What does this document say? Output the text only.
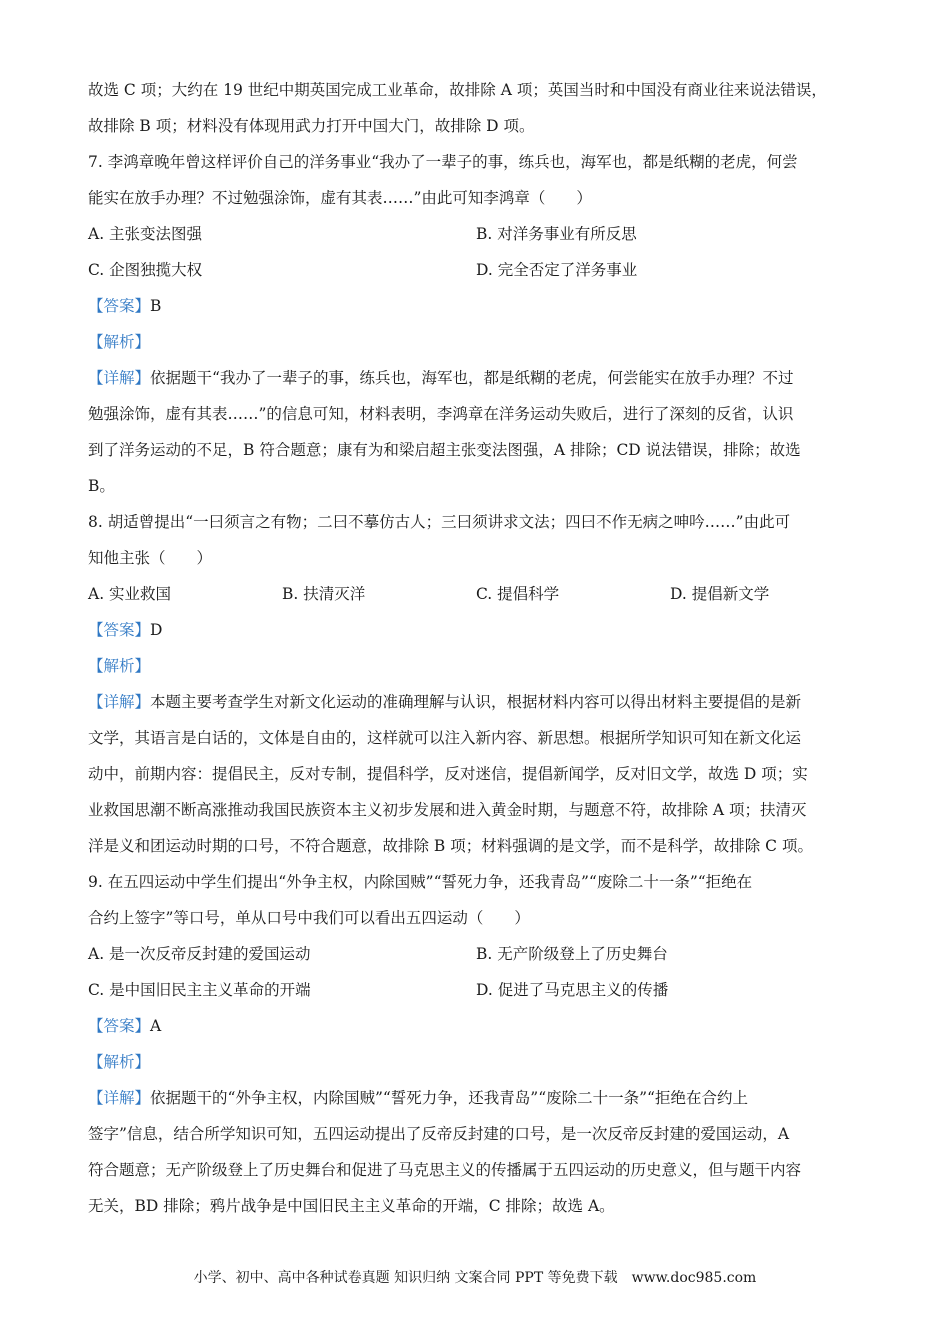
故选 C 项；大约在 19 世纪中期英国完成工业革命，故排除 A 项；英国当时和中国没有商业往来说法错误，
故排除 B 项；材料没有体现用武力打开中国大门，故排除 D 项。
7. 李鸿章晚年曾这样评价自己的洋务事业“我办了一辈子的事，练兵也，海军也，都是纸糊的老虎，何尝
能实在放手办理？不过勉强涂饰，虚有其表……”由此可知李鸿章（　　）
A. 主张变法图强	B. 对洋务事业有所反思
C. 企图独揽大权	D. 完全否定了洋务事业
【答案】B
【解析】
【详解】依据题干“我办了一辈子的事，练兵也，海军也，都是纸糊的老虎，何尝能实在放手办理？不过
勉强涂饰，虚有其表……”的信息可知，材料表明，李鸿章在洋务运动失败后，进行了深刻的反省，认识
到了洋务运动的不足，B 符合题意；康有为和梁启超主张变法图强，A 排除；CD 说法错误，排除；故选
B。
8. 胡适曾提出“一曰须言之有物；二曰不摹仿古人；三曰须讲求文法；四曰不作无病之呻吟……”由此可
知他主张（　　）
A. 实业救国	B. 扶清灭洋	C. 提倡科学	D. 提倡新文学
【答案】D
【解析】
【详解】本题主要考查学生对新文化运动的准确理解与认识，根据材料内容可以得出材料主要提倡的是新
文学，其语言是白话的，文体是自由的，这样就可以注入新内容、新思想。根据所学知识可知在新文化运
动中，前期内容：提倡民主，反对专制，提倡科学，反对迷信，提倡新闻学，反对旧文学，故选 D 项；实
业救国思潮不断高涨推动我国民族资本主义初步发展和进入黄金时期，与题意不符，故排除 A 项；扶清灭
洋是义和团运动时期的口号，不符合题意，故排除 B 项；材料强调的是文学，而不是科学，故排除 C 项。
9. 在五四运动中学生们提出“外争主权，内除国贼”“誓死力争，还我青岛”“废除二十一条”“拒绝在
合约上签字”等口号，单从口号中我们可以看出五四运动（　　）
A. 是一次反帝反封建的爱国运动	B. 无产阶级登上了历史舞台
C. 是中国旧民主主义革命的开端	D. 促进了马克思主义的传播
【答案】A
【解析】
【详解】依据题干的“外争主权，内除国贼”“誓死力争，还我青岛”“废除二十一条”“拒绝在合约上
签字”信息，结合所学知识可知，五四运动提出了反帝反封建的口号，是一次反帝反封建的爱国运动，A
符合题意；无产阶级登上了历史舞台和促进了马克思主义的传播属于五四运动的历史意义，但与题干内容
无关，BD 排除；鸦片战争是中国旧民主主义革命的开端，C 排除；故选 A。
小学、初中、高中各种试卷真题 知识归纳 文案合同 PPT 等免费下载　www.doc985.com
